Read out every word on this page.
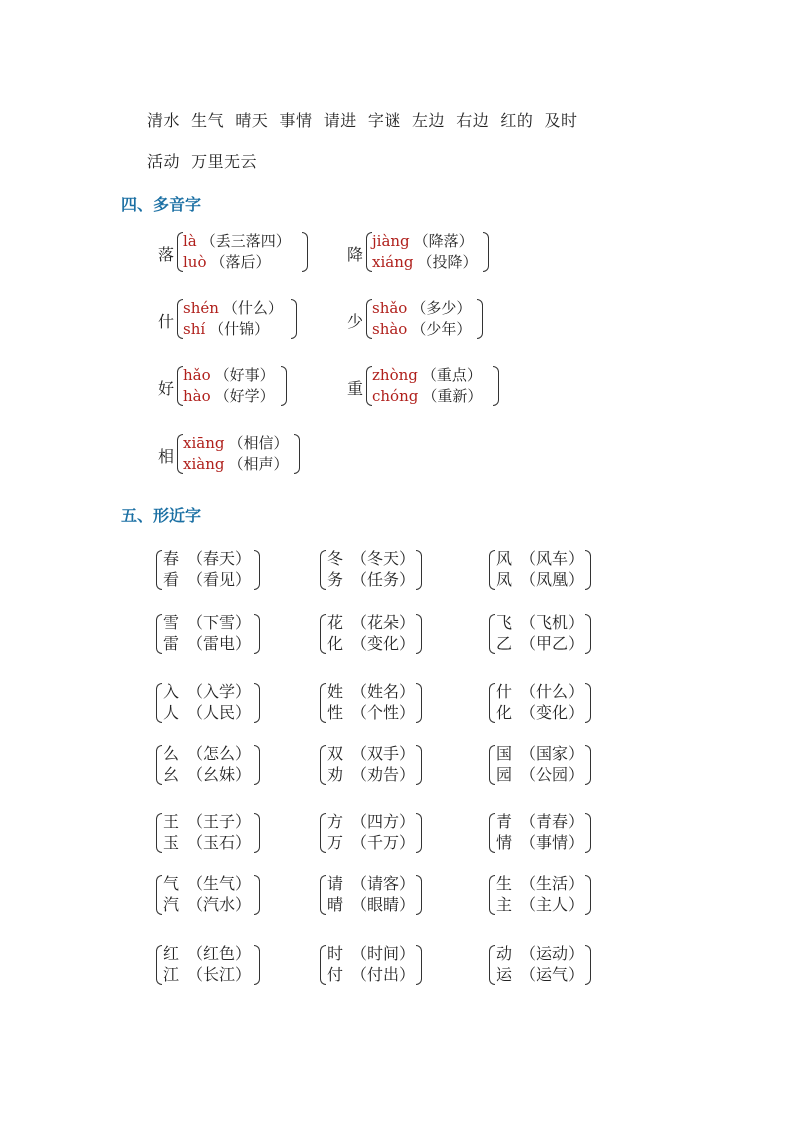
清水  生气  晴天  事情  请进  字谜  左边  右边  红的  及时
活动  万里无云
四、多音字
落
là （丢三落四）
luò （落后）	降
jiàng （降落）
xiáng （投降）
什
shén （什么）
shí （什锦）	少
shǎo （多少）
shào （少年）
好
hǎo （好事）
hào （好学）	重
zhòng （重点）
chóng （重新）
相
xiāng （相信）
xiàng （相声）
五、形近字
春 （春天）
看 （看见）
冬 （冬天）
务 （任务）
风 （风车）
凤 （凤凰）
雪 （下雪）
雷 （雷电）
花 （花朵）
化 （变化）
飞 （飞机）
乙 （甲乙）
入 （入学）
人 （人民）
姓 （姓名）
性 （个性）
什 （什么）
化 （变化）
么 （怎么）
幺 （幺妹）
双 （双手）
劝 （劝告）
国 （国家）
园 （公园）
王 （王子）
玉 （玉石）
方 （四方）
万 （千万）
青 （青春）
情 （事情）
气 （生气）
汽 （汽水）
请 （请客）
晴 （眼睛）
生 （生活）
主 （主人）
红 （红色）
江 （长江）
时 （时间）
付 （付出）
动 （运动）
运 （运气）
